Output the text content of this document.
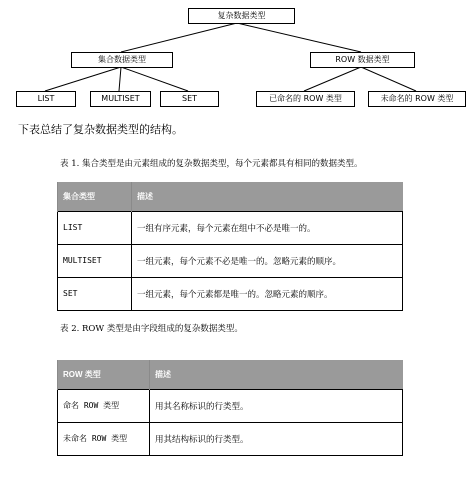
复杂数据类型
集合数据类型	ROW 数据类型
LIST	MULTISET	SET	已命名的 ROW 类型	未命名的 ROW 类型
下表总结了复杂数据类型的结构。
表 1. 集合类型是由元素组成的复杂数据类型，每个元素都具有相同的数据类型。
集合类型	描述
LIST	一组有序元素，每个元素在组中不必是唯一的。
MULTISET	一组元素，每个元素不必是唯一的。忽略元素的顺序。
SET	一组元素，每个元素都是唯一的。忽略元素的顺序。
表 2. ROW 类型是由字段组成的复杂数据类型。
ROW 类型	描述
命名 ROW 类型	用其名称标识的行类型。
未命名 ROW 类型	用其结构标识的行类型。
